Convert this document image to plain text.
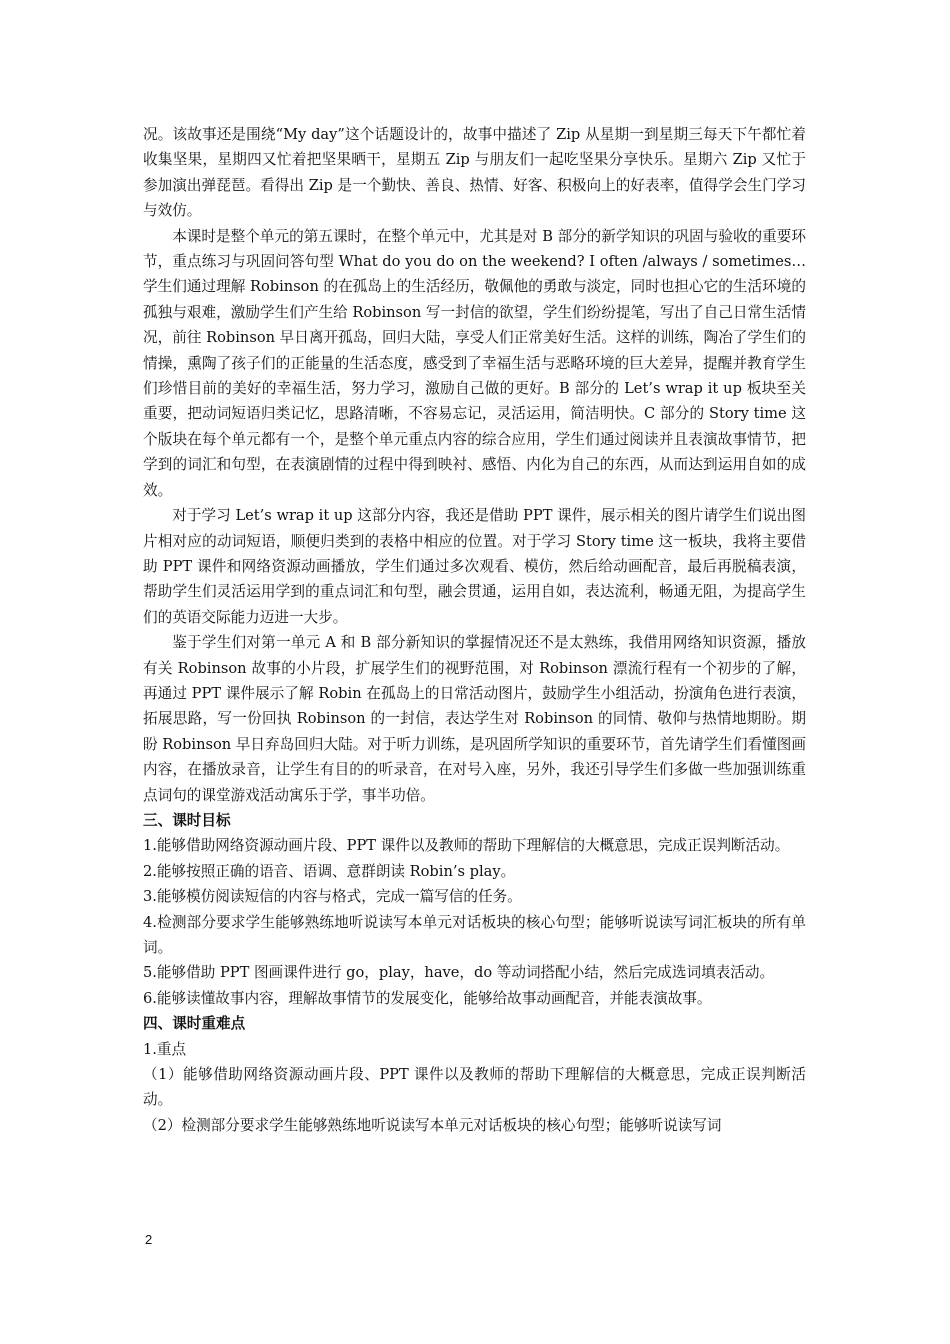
况。该故事还是围绕“My day”这个话题设计的，故事中描述了 Zip 从星期一到星期三每天下午都忙着收集坚果，星期四又忙着把坚果晒干，星期五 Zip 与朋友们一起吃坚果分享快乐。星期六 Zip 又忙于参加演出弹琵琶。看得出 Zip 是一个勤快、善良、热情、好客、积极向上的好表率，值得学会生门学习与效仿。

本课时是整个单元的第五课时，在整个单元中，尤其是对 B 部分的新学知识的巩固与验收的重要环节，重点练习与巩固问答句型 What do you do on the weekend? I often /always / sometimes…学生们通过理解 Robinson 的在孤岛上的生活经历，敬佩他的勇敢与淡定，同时也担心它的生活环境的孤独与艰难，激励学生们产生给 Robinson 写一封信的欲望，学生们纷纷提笔，写出了自己日常生活情况，前往 Robinson 早日离开孤岛，回归大陆，享受人们正常美好生活。这样的训练，陶冶了学生们的情操，熏陶了孩子们的正能量的生活态度，感受到了幸福生活与恶略环境的巨大差异，提醒并教育学生们珍惜目前的美好的幸福生活，努力学习，激励自己做的更好。B 部分的 Let’s wrap it up 板块至关重要，把动词短语归类记忆，思路清晰，不容易忘记，灵活运用，简洁明快。C 部分的 Story time 这个版块在每个单元都有一个，是整个单元重点内容的综合应用，学生们通过阅读并且表演故事情节，把学到的词汇和句型，在表演剧情的过程中得到映衬、感悟、内化为自己的东西，从而达到运用自如的成效。

对于学习 Let’s wrap it up 这部分内容，我还是借助 PPT 课件，展示相关的图片请学生们说出图片相对应的动词短语，顺便归类到的表格中相应的位置。对于学习 Story time 这一板块，我将主要借助 PPT 课件和网络资源动画播放，学生们通过多次观看、模仿，然后给动画配音，最后再脱稿表演，帮助学生们灵活运用学到的重点词汇和句型，融会贯通，运用自如，表达流利，畅通无阻，为提高学生们的英语交际能力迈进一大步。

鉴于学生们对第一单元 A 和 B 部分新知识的掌握情况还不是太熟练，我借用网络知识资源，播放有关 Robinson 故事的小片段，扩展学生们的视野范围，对 Robinson 漂流行程有一个初步的了解，再通过 PPT 课件展示了解 Robin 在孤岛上的日常活动图片，鼓励学生小组活动，扮演角色进行表演，拓展思路，写一份回执 Robinson 的一封信，表达学生对 Robinson 的同情、敬仰与热情地期盼。期盼 Robinson 早日弃岛回归大陆。对于听力训练，是巩固所学知识的重要环节，首先请学生们看懂图画内容，在播放录音，让学生有目的的听录音，在对号入座，另外，我还引导学生们多做一些加强训练重点词句的课堂游戏活动寓乐于学，事半功倍。

三、课时目标

1.能够借助网络资源动画片段、PPT 课件以及教师的帮助下理解信的大概意思，完成正误判断活动。

2.能够按照正确的语音、语调、意群朗读 Robin’s play。

3.能够模仿阅读短信的内容与格式，完成一篇写信的任务。

4.检测部分要求学生能够熟练地听说读写本单元对话板块的核心句型；能够听说读写词汇板块的所有单词。

5.能够借助 PPT 图画课件进行 go，play，have，do 等动词搭配小结，然后完成选词填表活动。

6.能够读懂故事内容，理解故事情节的发展变化，能够给故事动画配音，并能表演故事。

四、课时重难点

1.重点

（1）能够借助网络资源动画片段、PPT 课件以及教师的帮助下理解信的大概意思，完成正误判断活动。

（2）检测部分要求学生能够熟练地听说读写本单元对话板块的核心句型；能够听说读写词

2
